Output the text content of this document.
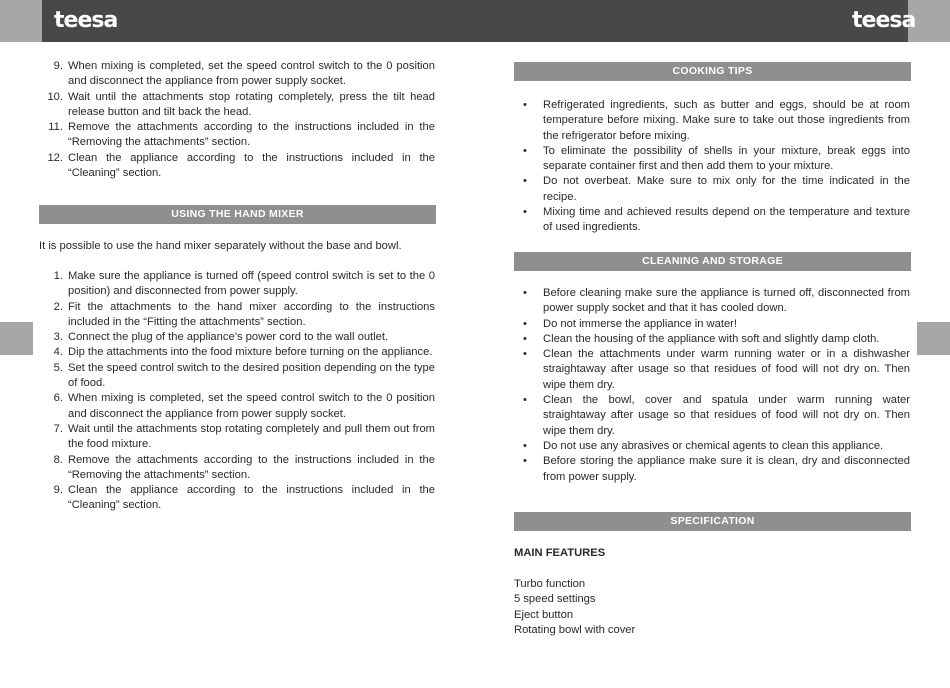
teesa	teesa
9. When mixing is completed, set the speed control switch to the 0 position and disconnect the appliance from power supply socket.
10. Wait until the attachments stop rotating completely, press the tilt head release button and tilt back the head.
11. Remove the attachments according to the instructions included in the “Removing the attachments” section.
12. Clean the appliance according to the instructions included in the “Cleaning” section.
USING THE HAND MIXER
It is possible to use the hand mixer separately without the base and bowl.
1. Make sure the appliance is turned off (speed control switch is set to the 0 position) and disconnected from power supply.
2. Fit the attachments to the hand mixer according to the instructions included in the “Fitting the attachments” section.
3. Connect the plug of the appliance’s power cord to the wall outlet.
4. Dip the attachments into the food mixture before turning on the appliance.
5. Set the speed control switch to the desired position depending on the type of food.
6. When mixing is completed, set the speed control switch to the 0 position and disconnect the appliance from power supply socket.
7. Wait until the attachments stop rotating completely and pull them out from the food mixture.
8. Remove the attachments according to the instructions included in the “Removing the attachments” section.
9. Clean the appliance according to the instructions included in the “Cleaning” section.
COOKING TIPS
• Refrigerated ingredients, such as butter and eggs, should be at room temperature before mixing. Make sure to take out those ingredients from the refrigerator before mixing.
• To eliminate the possibility of shells in your mixture, break eggs into separate container first and then add them to your mixture.
• Do not overbeat. Make sure to mix only for the time indicated in the recipe.
• Mixing time and achieved results depend on the temperature and texture of used ingredients.
CLEANING AND STORAGE
• Before cleaning make sure the appliance is turned off, disconnected from power supply socket and that it has cooled down.
• Do not immerse the appliance in water!
• Clean the housing of the appliance with soft and slightly damp cloth.
• Clean the attachments under warm running water or in a dishwasher straightaway after usage so that residues of food will not dry on. Then wipe them dry.
• Clean the bowl, cover and spatula under warm running water straightaway after usage so that residues of food will not dry on. Then wipe them dry.
• Do not use any abrasives or chemical agents to clean this appliance.
• Before storing the appliance make sure it is clean, dry and disconnected from power supply.
SPECIFICATION
MAIN FEATURES
Turbo function
5 speed settings
Eject button
Rotating bowl with cover
